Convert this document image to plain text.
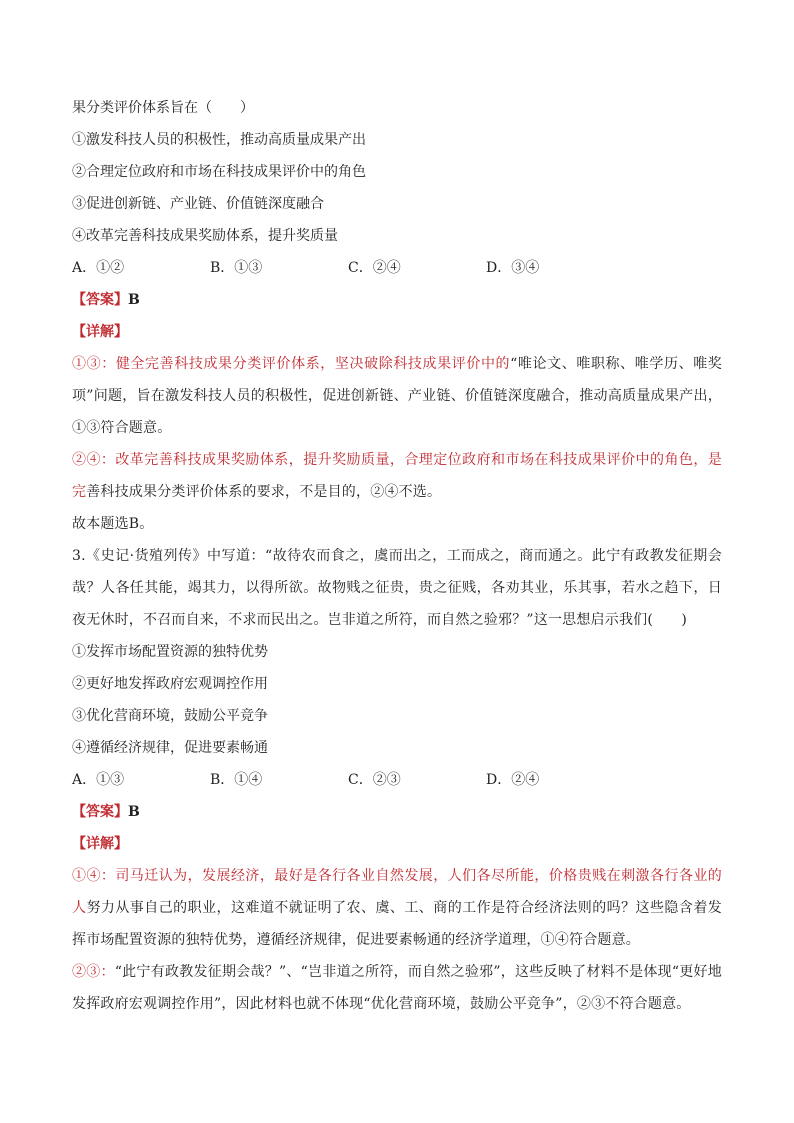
果分类评价体系旨在（　　）

①激发科技人员的积极性，推动高质量成果产出

②合理定位政府和市场在科技成果评价中的角色

③促进创新链、产业链、价值链深度融合

④改革完善科技成果奖励体系，提升奖质量

A．①②	B．①③	C．②④	D．③④

【答案】B

【详解】

①③：健全完善科技成果分类评价体系，坚决破除科技成果评价中的“唯论文、唯职称、唯学历、唯奖项”问题，旨在激发科技人员的积极性，促进创新链、产业链、价值链深度融合，推动高质量成果产出，①③符合题意。

②④：改革完善科技成果奖励体系，提升奖励质量，合理定位政府和市场在科技成果评价中的角色，是完善科技成果分类评价体系的要求，不是目的，②④不选。

故本题选B。

3.《史记·货殖列传》中写道：“故待农而食之，虞而出之，工而成之，商而通之。此宁有政教发征期会哉？人各任其能，竭其力，以得所欲。故物贱之征贵，贵之征贱，各劝其业，乐其事，若水之趋下，日夜无休时，不召而自来，不求而民出之。岂非道之所符，而自然之验邪？”这一思想启示我们(　　)

①发挥市场配置资源的独特优势

②更好地发挥政府宏观调控作用

③优化营商环境，鼓励公平竞争

④遵循经济规律，促进要素畅通

A．①③	B．①④	C．②③	D．②④

【答案】B

【详解】

①④：司马迁认为，发展经济，最好是各行各业自然发展，人们各尽所能，价格贵贱在刺激各行各业的人努力从事自己的职业，这难道不就证明了农、虞、工、商的工作是符合经济法则的吗？这些隐含着发挥市场配置资源的独特优势，遵循经济规律，促进要素畅通的经济学道理，①④符合题意。

②③：“此宁有政教发征期会哉？”、“岂非道之所符，而自然之验邪”，这些反映了材料不是体现“更好地发挥政府宏观调控作用”，因此材料也就不体现“优化营商环境，鼓励公平竞争”，②③不符合题意。
